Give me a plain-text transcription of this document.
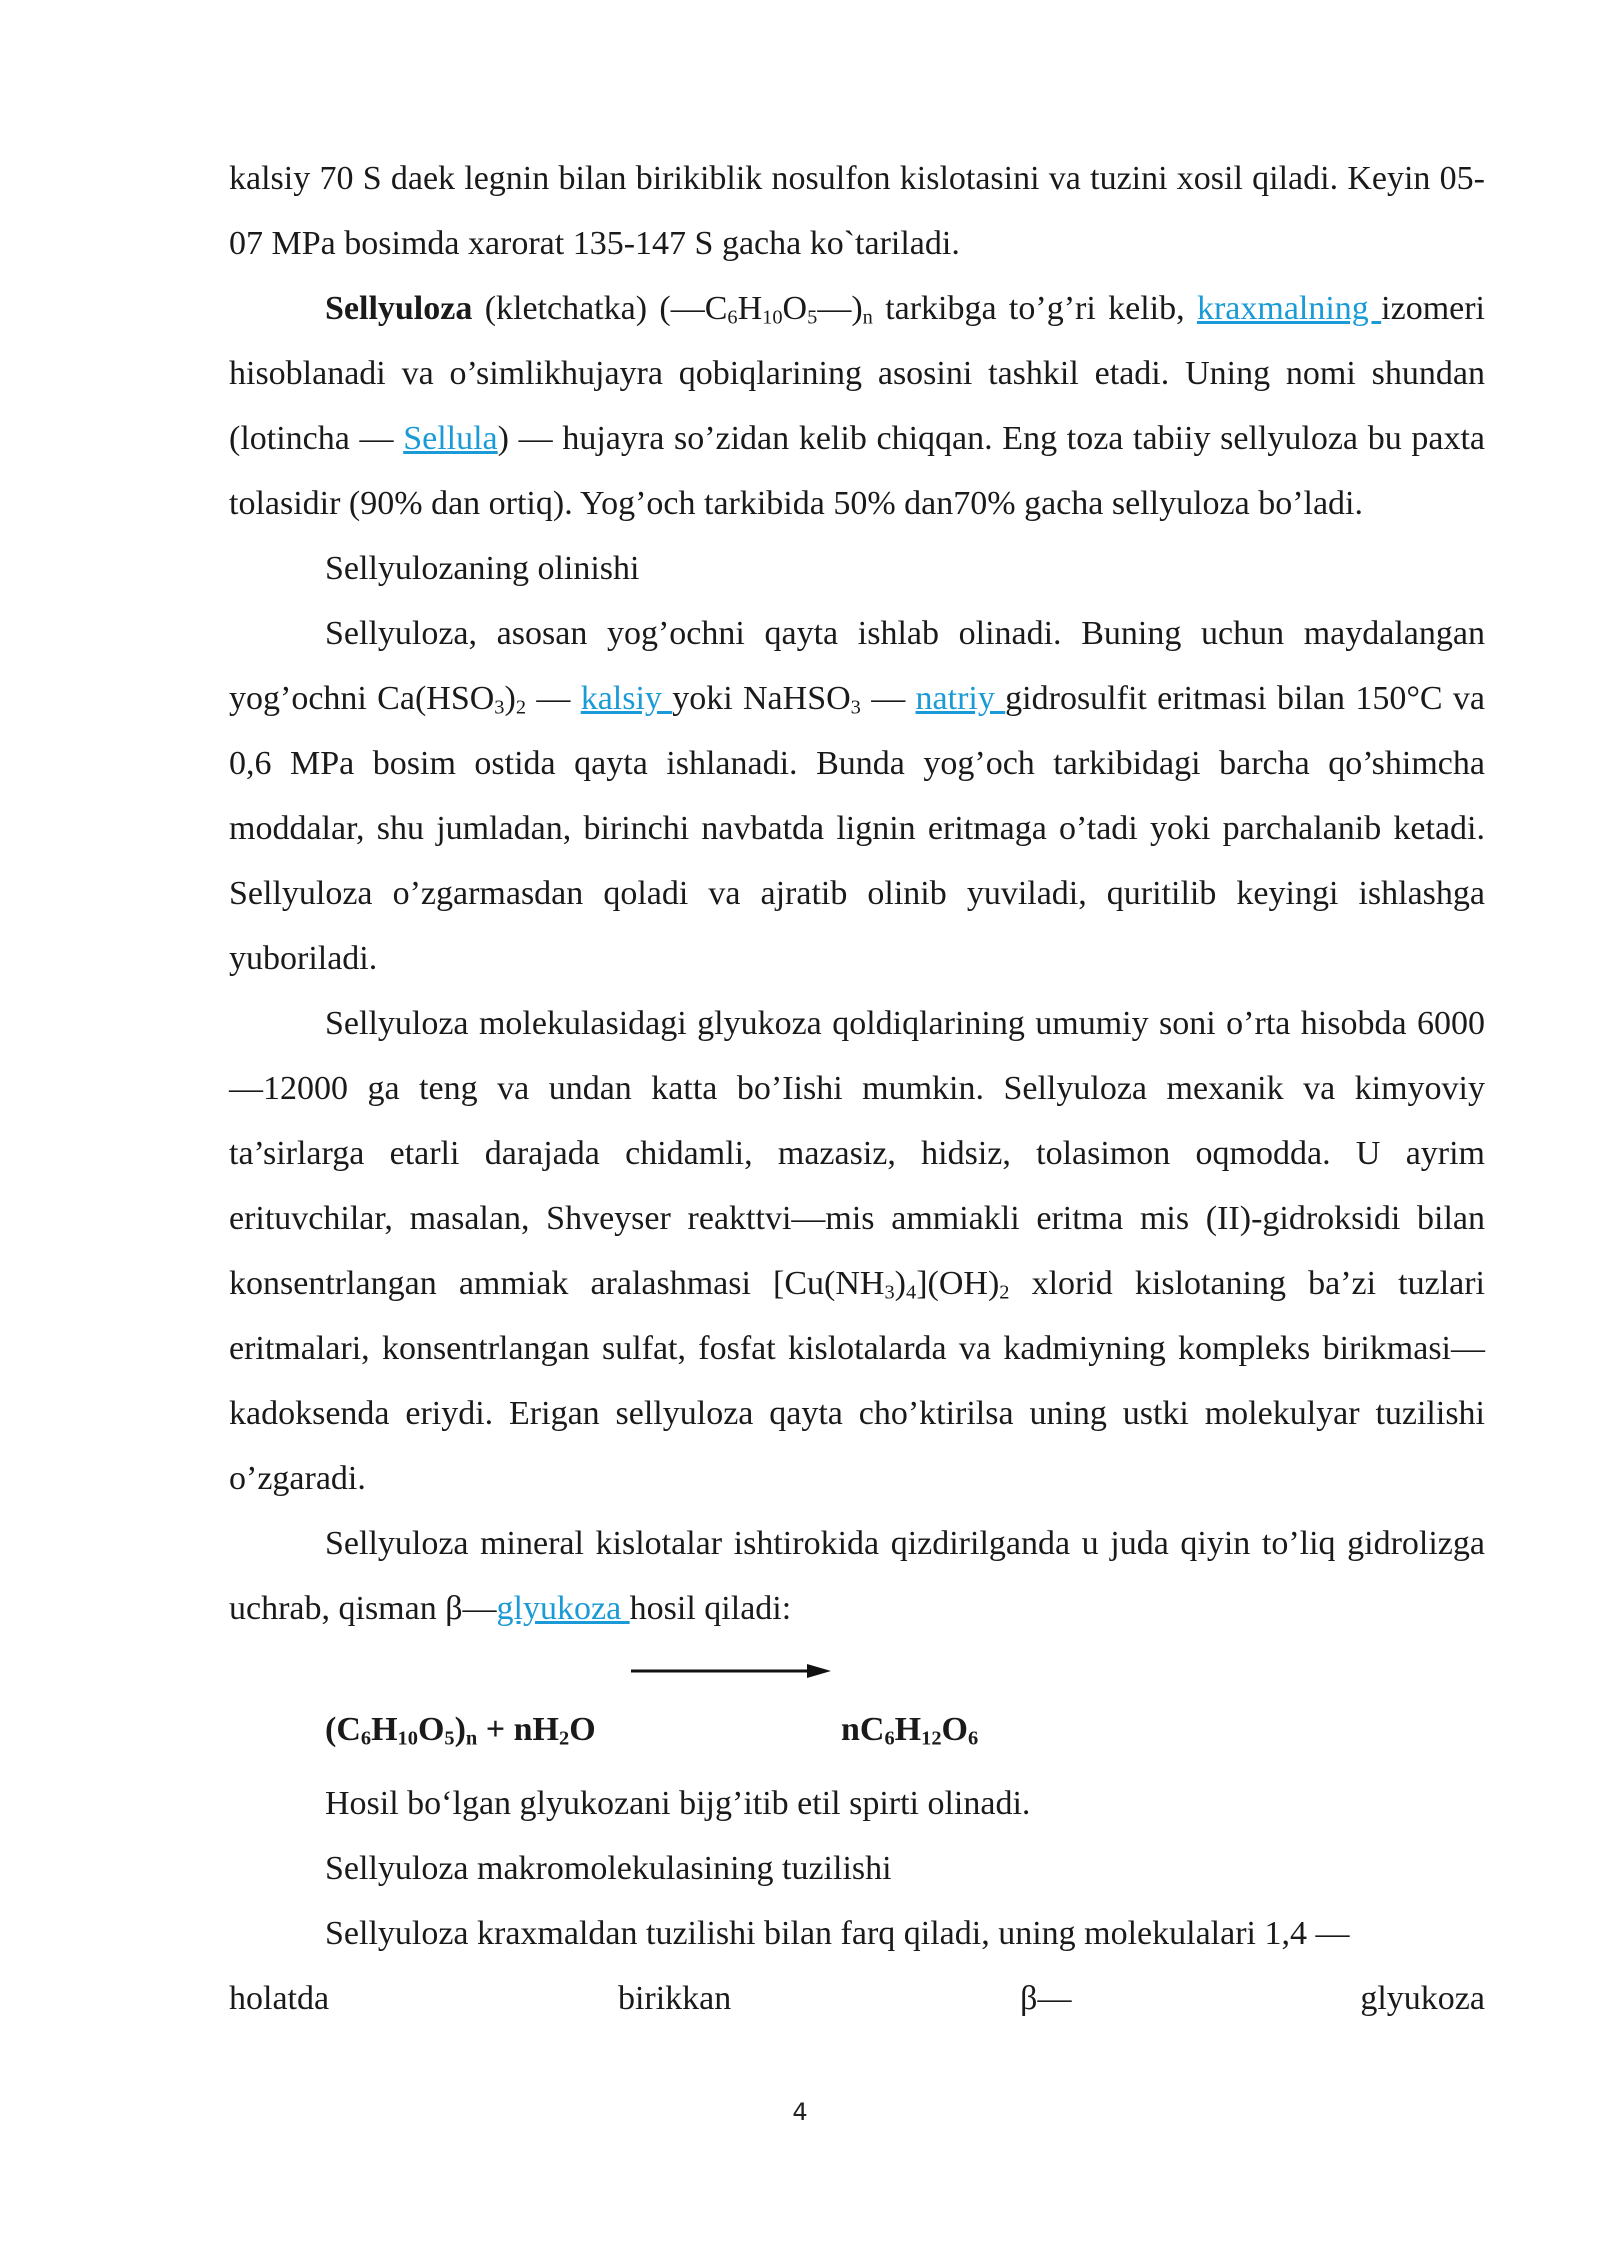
kalsiy 70 S daek legnin bilan birikiblik nosulfon kislotasini va tuzini xosil qiladi. Keyin 05-07 MPa bosimda xarorat 135-147 S gacha ko`tariladi.

Sellyuloza (kletchatka) $(—C_6H_{10}O_5—)_n$ tarkibga to’g’ri kelib, kraxmalning izomeri hisoblanadi va o’simlikhujayra qobiqlarining asosini tashkil etadi. Uning nomi shundan (lotincha — Sellula) — hujayra so’zidan kelib chiqqan. Eng toza tabiiy sellyuloza bu paxta tolasidir (90% dan ortiq). Yog’och tarkibida 50% dan70% gacha sellyuloza bo’ladi.

Sellyulozaning olinishi

Sellyuloza, asosan yog’ochni qayta ishlab olinadi. Buning uchun maydalangan yog’ochni $Ca(HSO_3)_2$ — kalsiy yoki NaHSO$_3$ — natriy gidrosulfit eritmasi bilan 150°C va 0,6 MPa bosim ostida qayta ishlanadi. Bunda yog’och tarkibidagi barcha qo’shimcha moddalar, shu jumladan, birinchi navbatda lignin eritmaga o’tadi yoki parchalanib ketadi. Sellyuloza o’zgarmasdan qoladi va ajratib olinib yuviladi, quritilib keyingi ishlashga yuboriladi.

Sellyuloza molekulasidagi glyukoza qoldiqlarining umumiy soni o’rta hisobda 6000—12000 ga teng va undan katta bo’Iishi mumkin. Sellyuloza mexanik va kimyoviy ta’sirlarga etarli darajada chidamli, mazasiz, hidsiz, tolasimon oqmodda. U ayrim erituvchilar, masalan, Shveyser reakttvi—mis ammiakli eritma mis (II)-gidroksidi bilan konsentrlangan ammiak aralashmasi $[Cu(NH_3)_4](OH)_2$ xlorid kislotaning ba’zi tuzlari eritmalari, konsentrlangan sulfat, fosfat kislotalarda va kadmiyning kompleks birikmasi—kadoksenda eriydi. Erigan sellyuloza qayta cho’ktirilsa uning ustki molekulyar tuzilishi o’zgaradi.

Sellyuloza mineral kislotalar ishtirokida qizdirilganda u juda qiyin to’liq gidrolizga uchrab, qisman β—glyukoza hosil qiladi:

$(C_6H_{10}O_5)_n + nH_2O$	$nC_6H_{12}O_6$

Hosil bo‘lgan glyukozani bijg’itib etil spirti olinadi.

Sellyuloza makromolekulasining tuzilishi

Sellyuloza kraxmaldan tuzilishi bilan farq qiladi, uning molekulalari 1,4 —

holatda	birikkan	β—	glyukoza
4
